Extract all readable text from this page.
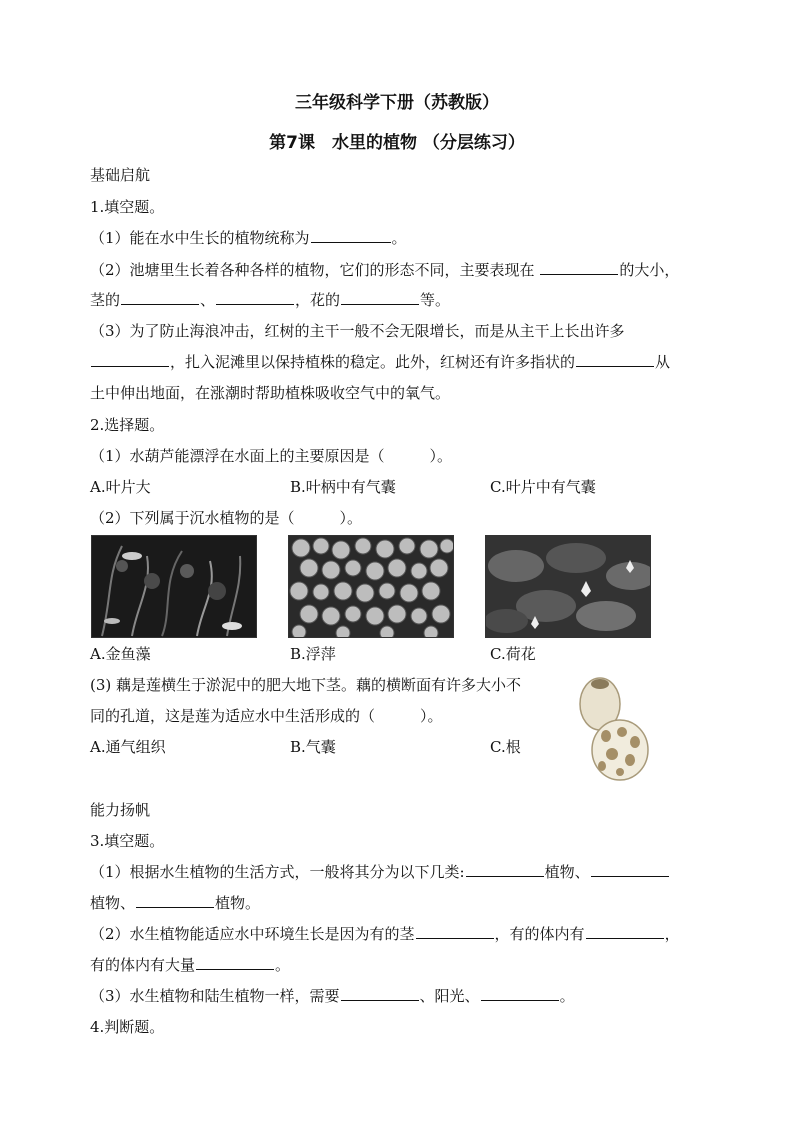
三年级科学下册（苏教版）
第7课　水里的植物 （分层练习）
基础启航
1.填空题。
（1）能在水中生长的植物统称为	。
（2）池塘里生长着各种各样的植物，它们的形态不同，主要表现在	的大小，
茎的	、	，花的	等。
（3）为了防止海浪冲击，红树的主干一般不会无限增长，而是从主干上长出许多
，扎入泥滩里以保持植株的稳定。此外，红树还有许多指状的	从
土中伸出地面，在涨潮时帮助植株吸收空气中的氧气。
2.选择题。
（1）水葫芦能漂浮在水面上的主要原因是（　　　）。
A.叶片大	B.叶柄中有气囊	C.叶片中有气囊
（2）下列属于沉水植物的是（　　　）。
A.金鱼藻	B.浮萍	C.荷花
(3) 藕是莲横生于淤泥中的肥大地下茎。藕的横断面有许多大小不
同的孔道，这是莲为适应水中生活形成的（　　　）。
A.通气组织	B.气囊	C.根
能力扬帆
3.填空题。
（1）根据水生植物的生活方式，一般将其分为以下几类:	植物、
植物、	植物。
（2）水生植物能适应水中环境生长是因为有的茎	，有的体内有	，
有的体内有大量	。
（3）水生植物和陆生植物一样，需要	、阳光、	。
4.判断题。
